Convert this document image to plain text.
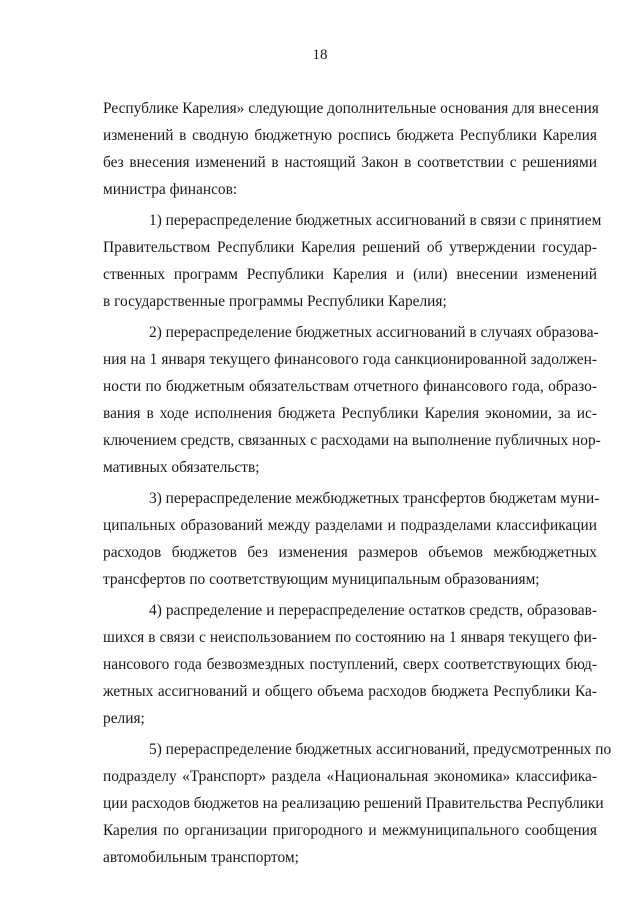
18

Республике Карелия» следующие дополнительные основания для внесения
изменений в сводную бюджетную роспись бюджета Республики Карелия
без внесения изменений в настоящий Закон в соответствии с решениями
министра финансов:

1) перераспределение бюджетных ассигнований в связи с принятием
Правительством Республики Карелия решений об утверждении государ-
ственных программ Республики Карелия и (или) внесении изменений
в государственные программы Республики Карелия;

2) перераспределение бюджетных ассигнований в случаях образова-
ния на 1 января текущего финансового года санкционированной задолжен-
ности по бюджетным обязательствам отчетного финансового года, образо-
вания в ходе исполнения бюджета Республики Карелия экономии, за ис-
ключением средств, связанных с расходами на выполнение публичных нор-
мативных обязательств;

3) перераспределение межбюджетных трансфертов бюджетам муни-
ципальных образований между разделами и подразделами классификации
расходов бюджетов без изменения размеров объемов межбюджетных
трансфертов по соответствующим муниципальным образованиям;

4) распределение и перераспределение остатков средств, образовав-
шихся в связи с неиспользованием по состоянию на 1 января текущего фи-
нансового года безвозмездных поступлений, сверх соответствующих бюд-
жетных ассигнований и общего объема расходов бюджета Республики Ка-
релия;

5) перераспределение бюджетных ассигнований, предусмотренных по
подразделу «Транспорт» раздела «Национальная экономика» классифика-
ции расходов бюджетов на реализацию решений Правительства Республики
Карелия по организации пригородного и межмуниципального сообщения
автомобильным транспортом;
